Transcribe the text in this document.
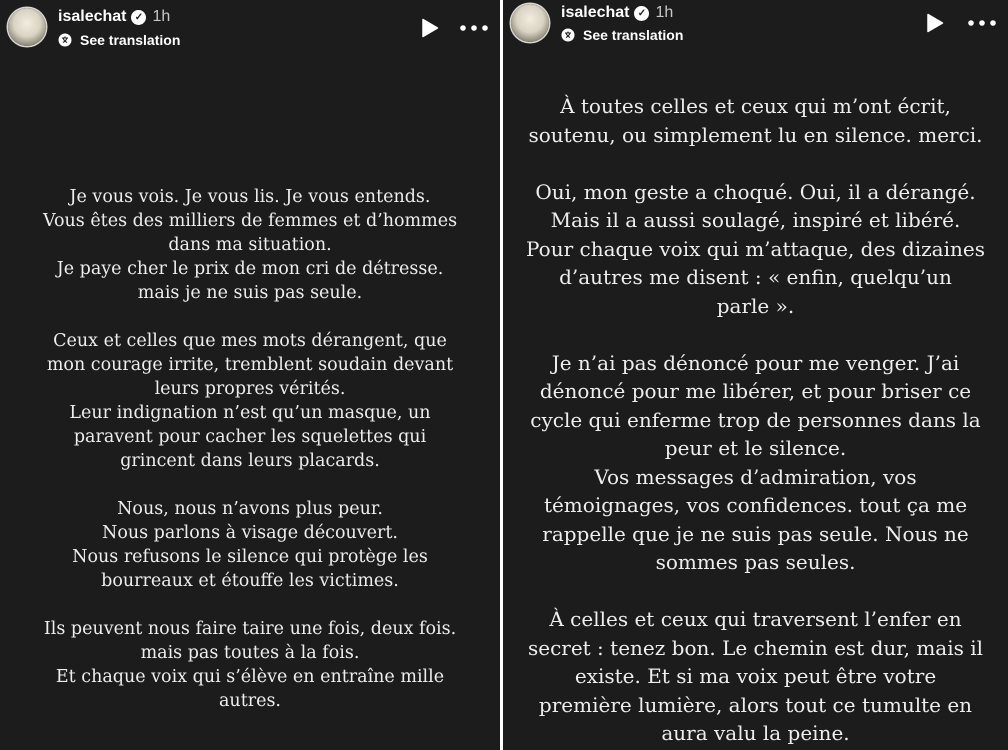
isalechat ✓ 1h
See translation
Je vous vois. Je vous lis. Je vous entends.
Vous êtes des milliers de femmes et d’hommes
dans ma situation.
Je paye cher le prix de mon cri de détresse.
mais je ne suis pas seule.
Ceux et celles que mes mots dérangent, que
mon courage irrite, tremblent soudain devant
leurs propres vérités.
Leur indignation n’est qu’un masque, un
paravent pour cacher les squelettes qui
grincent dans leurs placards.
Nous, nous n’avons plus peur.
Nous parlons à visage découvert.
Nous refusons le silence qui protège les
bourreaux et étouffe les victimes.
Ils peuvent nous faire taire une fois, deux fois.
mais pas toutes à la fois.
Et chaque voix qui s’élève en entraîne mille
autres.
isalechat ✓ 1h
See translation
À toutes celles et ceux qui m’ont écrit,
soutenu, ou simplement lu en silence. merci.
Oui, mon geste a choqué. Oui, il a dérangé.
Mais il a aussi soulagé, inspiré et libéré.
Pour chaque voix qui m’attaque, des dizaines
d’autres me disent : « enfin, quelqu’un
parle ».
Je n’ai pas dénoncé pour me venger. J’ai
dénoncé pour me libérer, et pour briser ce
cycle qui enferme trop de personnes dans la
peur et le silence.
Vos messages d’admiration, vos
témoignages, vos confidences. tout ça me
rappelle que je ne suis pas seule. Nous ne
sommes pas seules.
À celles et ceux qui traversent l’enfer en
secret : tenez bon. Le chemin est dur, mais il
existe. Et si ma voix peut être votre
première lumière, alors tout ce tumulte en
aura valu la peine.
